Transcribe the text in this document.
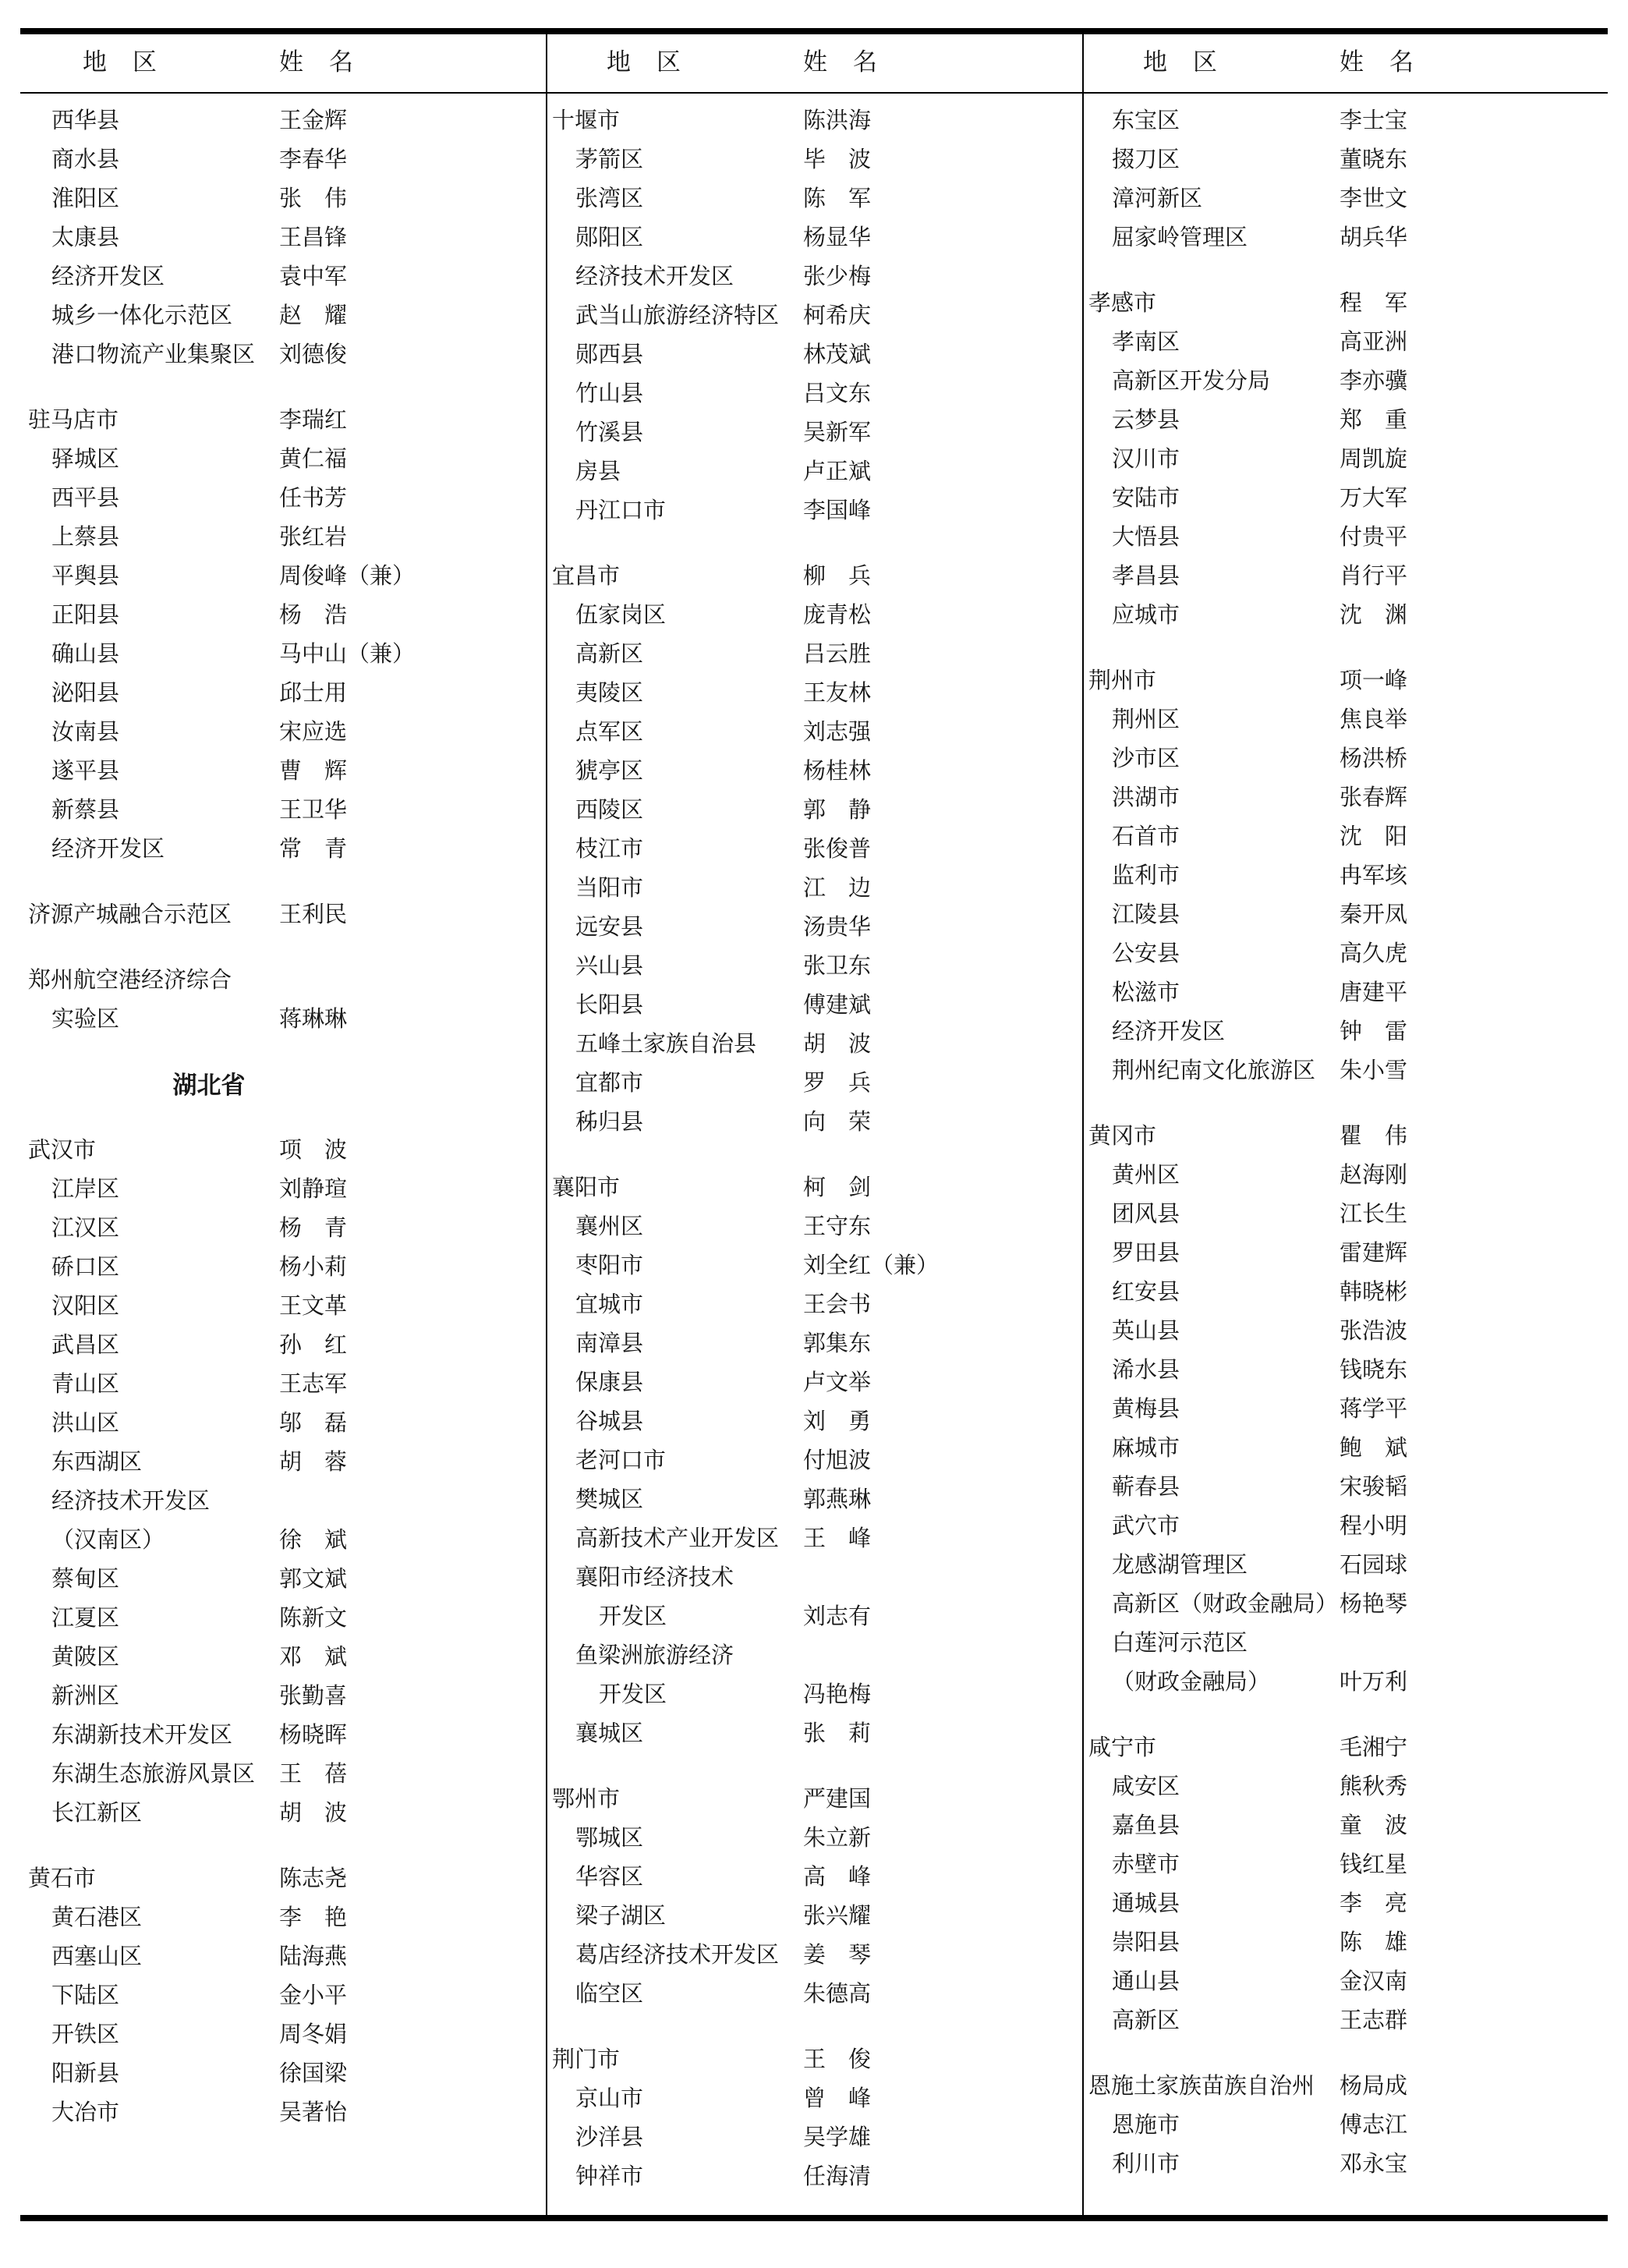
地　区	姓　名
西华县	王金辉
商水县	李春华
淮阳区	张　伟
太康县	王昌锋
经济开发区	袁中军
城乡一体化示范区	赵　耀
港口物流产业集聚区	刘德俊
驻马店市	李瑞红
驿城区	黄仁福
西平县	任书芳
上蔡县	张红岩
平舆县	周俊峰（兼）
正阳县	杨　浩
确山县	马中山（兼）
泌阳县	邱士用
汝南县	宋应选
遂平县	曹　辉
新蔡县	王卫华
经济开发区	常　青
济源产城融合示范区	王利民
郑州航空港经济综合
实验区	蒋琳琳
湖北省
武汉市	项　波
江岸区	刘静瑄
江汉区	杨　青
硚口区	杨小莉
汉阳区	王文革
武昌区	孙　红
青山区	王志军
洪山区	邬　磊
东西湖区	胡　蓉
经济技术开发区
（汉南区）	徐　斌
蔡甸区	郭文斌
江夏区	陈新文
黄陂区	邓　斌
新洲区	张勤喜
东湖新技术开发区	杨晓晖
东湖生态旅游风景区	王　蓓
长江新区	胡　波
黄石市	陈志尧
黄石港区	李　艳
西塞山区	陆海燕
下陆区	金小平
开铁区	周冬娟
阳新县	徐国梁
大冶市	吴著怡
地　区	姓　名
十堰市	陈洪海
茅箭区	毕　波
张湾区	陈　军
郧阳区	杨显华
经济技术开发区	张少梅
武当山旅游经济特区	柯希庆
郧西县	林茂斌
竹山县	吕文东
竹溪县	吴新军
房县	卢正斌
丹江口市	李国峰
宜昌市	柳　兵
伍家岗区	庞青松
高新区	吕云胜
夷陵区	王友林
点军区	刘志强
猇亭区	杨桂林
西陵区	郭　静
枝江市	张俊普
当阳市	江　边
远安县	汤贵华
兴山县	张卫东
长阳县	傅建斌
五峰土家族自治县	胡　波
宜都市	罗　兵
秭归县	向　荣
襄阳市	柯　剑
襄州区	王守东
枣阳市	刘全红（兼）
宜城市	王会书
南漳县	郭集东
保康县	卢文举
谷城县	刘　勇
老河口市	付旭波
樊城区	郭燕琳
高新技术产业开发区	王　峰
襄阳市经济技术
开发区	刘志有
鱼梁洲旅游经济
开发区	冯艳梅
襄城区	张　莉
鄂州市	严建国
鄂城区	朱立新
华容区	高　峰
梁子湖区	张兴耀
葛店经济技术开发区	姜　琴
临空区	朱德高
荆门市	王　俊
京山市	曾　峰
沙洋县	吴学雄
钟祥市	任海清
地　区	姓　名
东宝区	李士宝
掇刀区	董晓东
漳河新区	李世文
屈家岭管理区	胡兵华
孝感市	程　军
孝南区	高亚洲
高新区开发分局	李亦骥
云梦县	郑　重
汉川市	周凯旋
安陆市	万大军
大悟县	付贵平
孝昌县	肖行平
应城市	沈　渊
荆州市	项一峰
荆州区	焦良举
沙市区	杨洪桥
洪湖市	张春辉
石首市	沈　阳
监利市	冉军垓
江陵县	秦开凤
公安县	高久虎
松滋市	唐建平
经济开发区	钟　雷
荆州纪南文化旅游区	朱小雪
黄冈市	瞿　伟
黄州区	赵海刚
团风县	江长生
罗田县	雷建辉
红安县	韩晓彬
英山县	张浩波
浠水县	钱晓东
黄梅县	蒋学平
麻城市	鲍　斌
蕲春县	宋骏韬
武穴市	程小明
龙感湖管理区	石园球
高新区（财政金融局） 杨艳琴
白莲河示范区
（财政金融局）	叶万利
咸宁市	毛湘宁
咸安区	熊秋秀
嘉鱼县	童　波
赤壁市	钱红星
通城县	李　亮
崇阳县	陈　雄
通山县	金汉南
高新区	王志群
恩施土家族苗族自治州	杨局成
恩施市	傅志江
利川市	邓永宝
